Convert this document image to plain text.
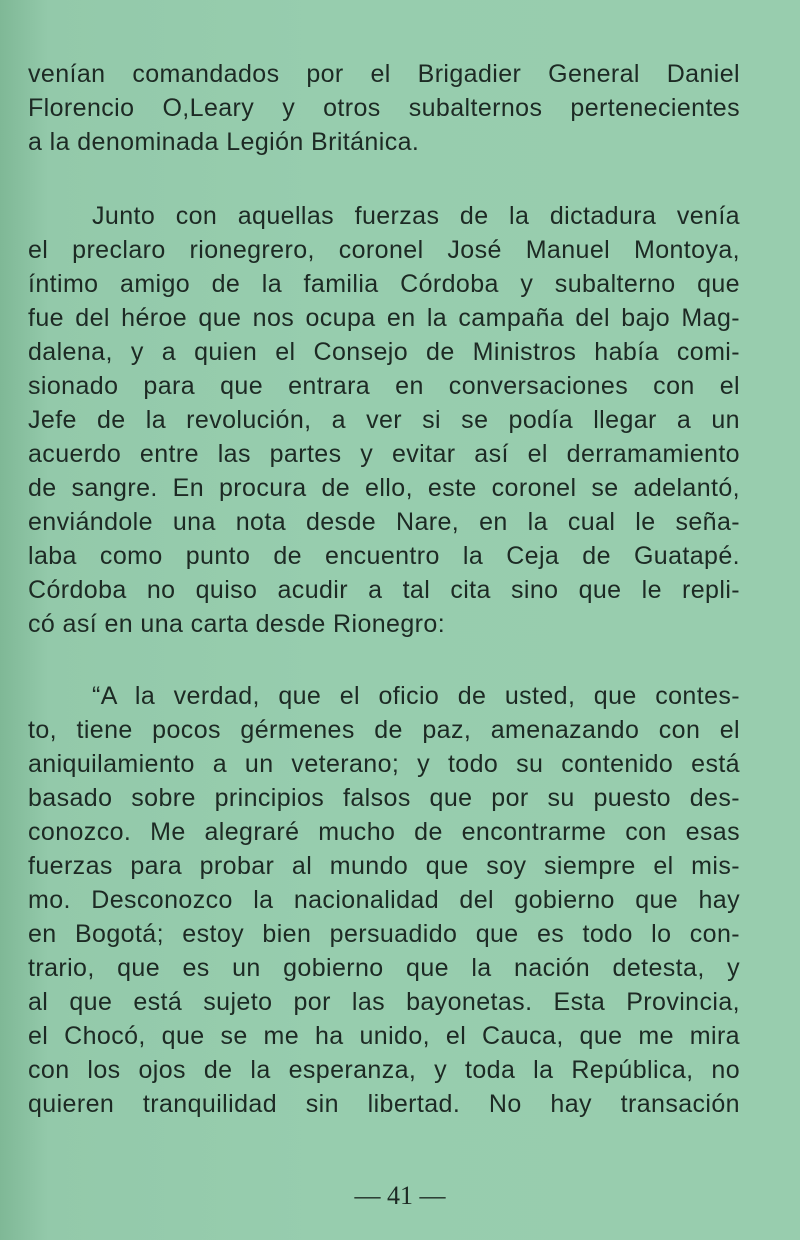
venían comandados por el Brigadier General Daniel
Florencio O,Leary y otros subalternos pertenecientes
a la denominada Legión Británica.
Junto con aquellas fuerzas de la dictadura venía
el preclaro rionegrero, coronel José Manuel Montoya,
íntimo amigo de la familia Córdoba y subalterno que
fue del héroe que nos ocupa en la campaña del bajo Mag-
dalena, y a quien el Consejo de Ministros había comi-
sionado para que entrara en conversaciones con el
Jefe de la revolución, a ver si se podía llegar a un
acuerdo entre las partes y evitar así el derramamiento
de sangre. En procura de ello, este coronel se adelantó,
enviándole una nota desde Nare, en la cual le seña-
laba como punto de encuentro la Ceja de Guatapé.
Córdoba no quiso acudir a tal cita sino que le repli-
có así en una carta desde Rionegro:
“A la verdad, que el oficio de usted, que contes-
to, tiene pocos gérmenes de paz, amenazando con el
aniquilamiento a un veterano; y todo su contenido está
basado sobre principios falsos que por su puesto des-
conozco. Me alegraré mucho de encontrarme con esas
fuerzas para probar al mundo que soy siempre el mis-
mo. Desconozco la nacionalidad del gobierno que hay
en Bogotá; estoy bien persuadido que es todo lo con-
trario, que es un gobierno que la nación detesta, y
al que está sujeto por las bayonetas. Esta Provincia,
el Chocó, que se me ha unido, el Cauca, que me mira
con los ojos de la esperanza, y toda la República, no
quieren tranquilidad sin libertad. No hay transación
— 41 —
